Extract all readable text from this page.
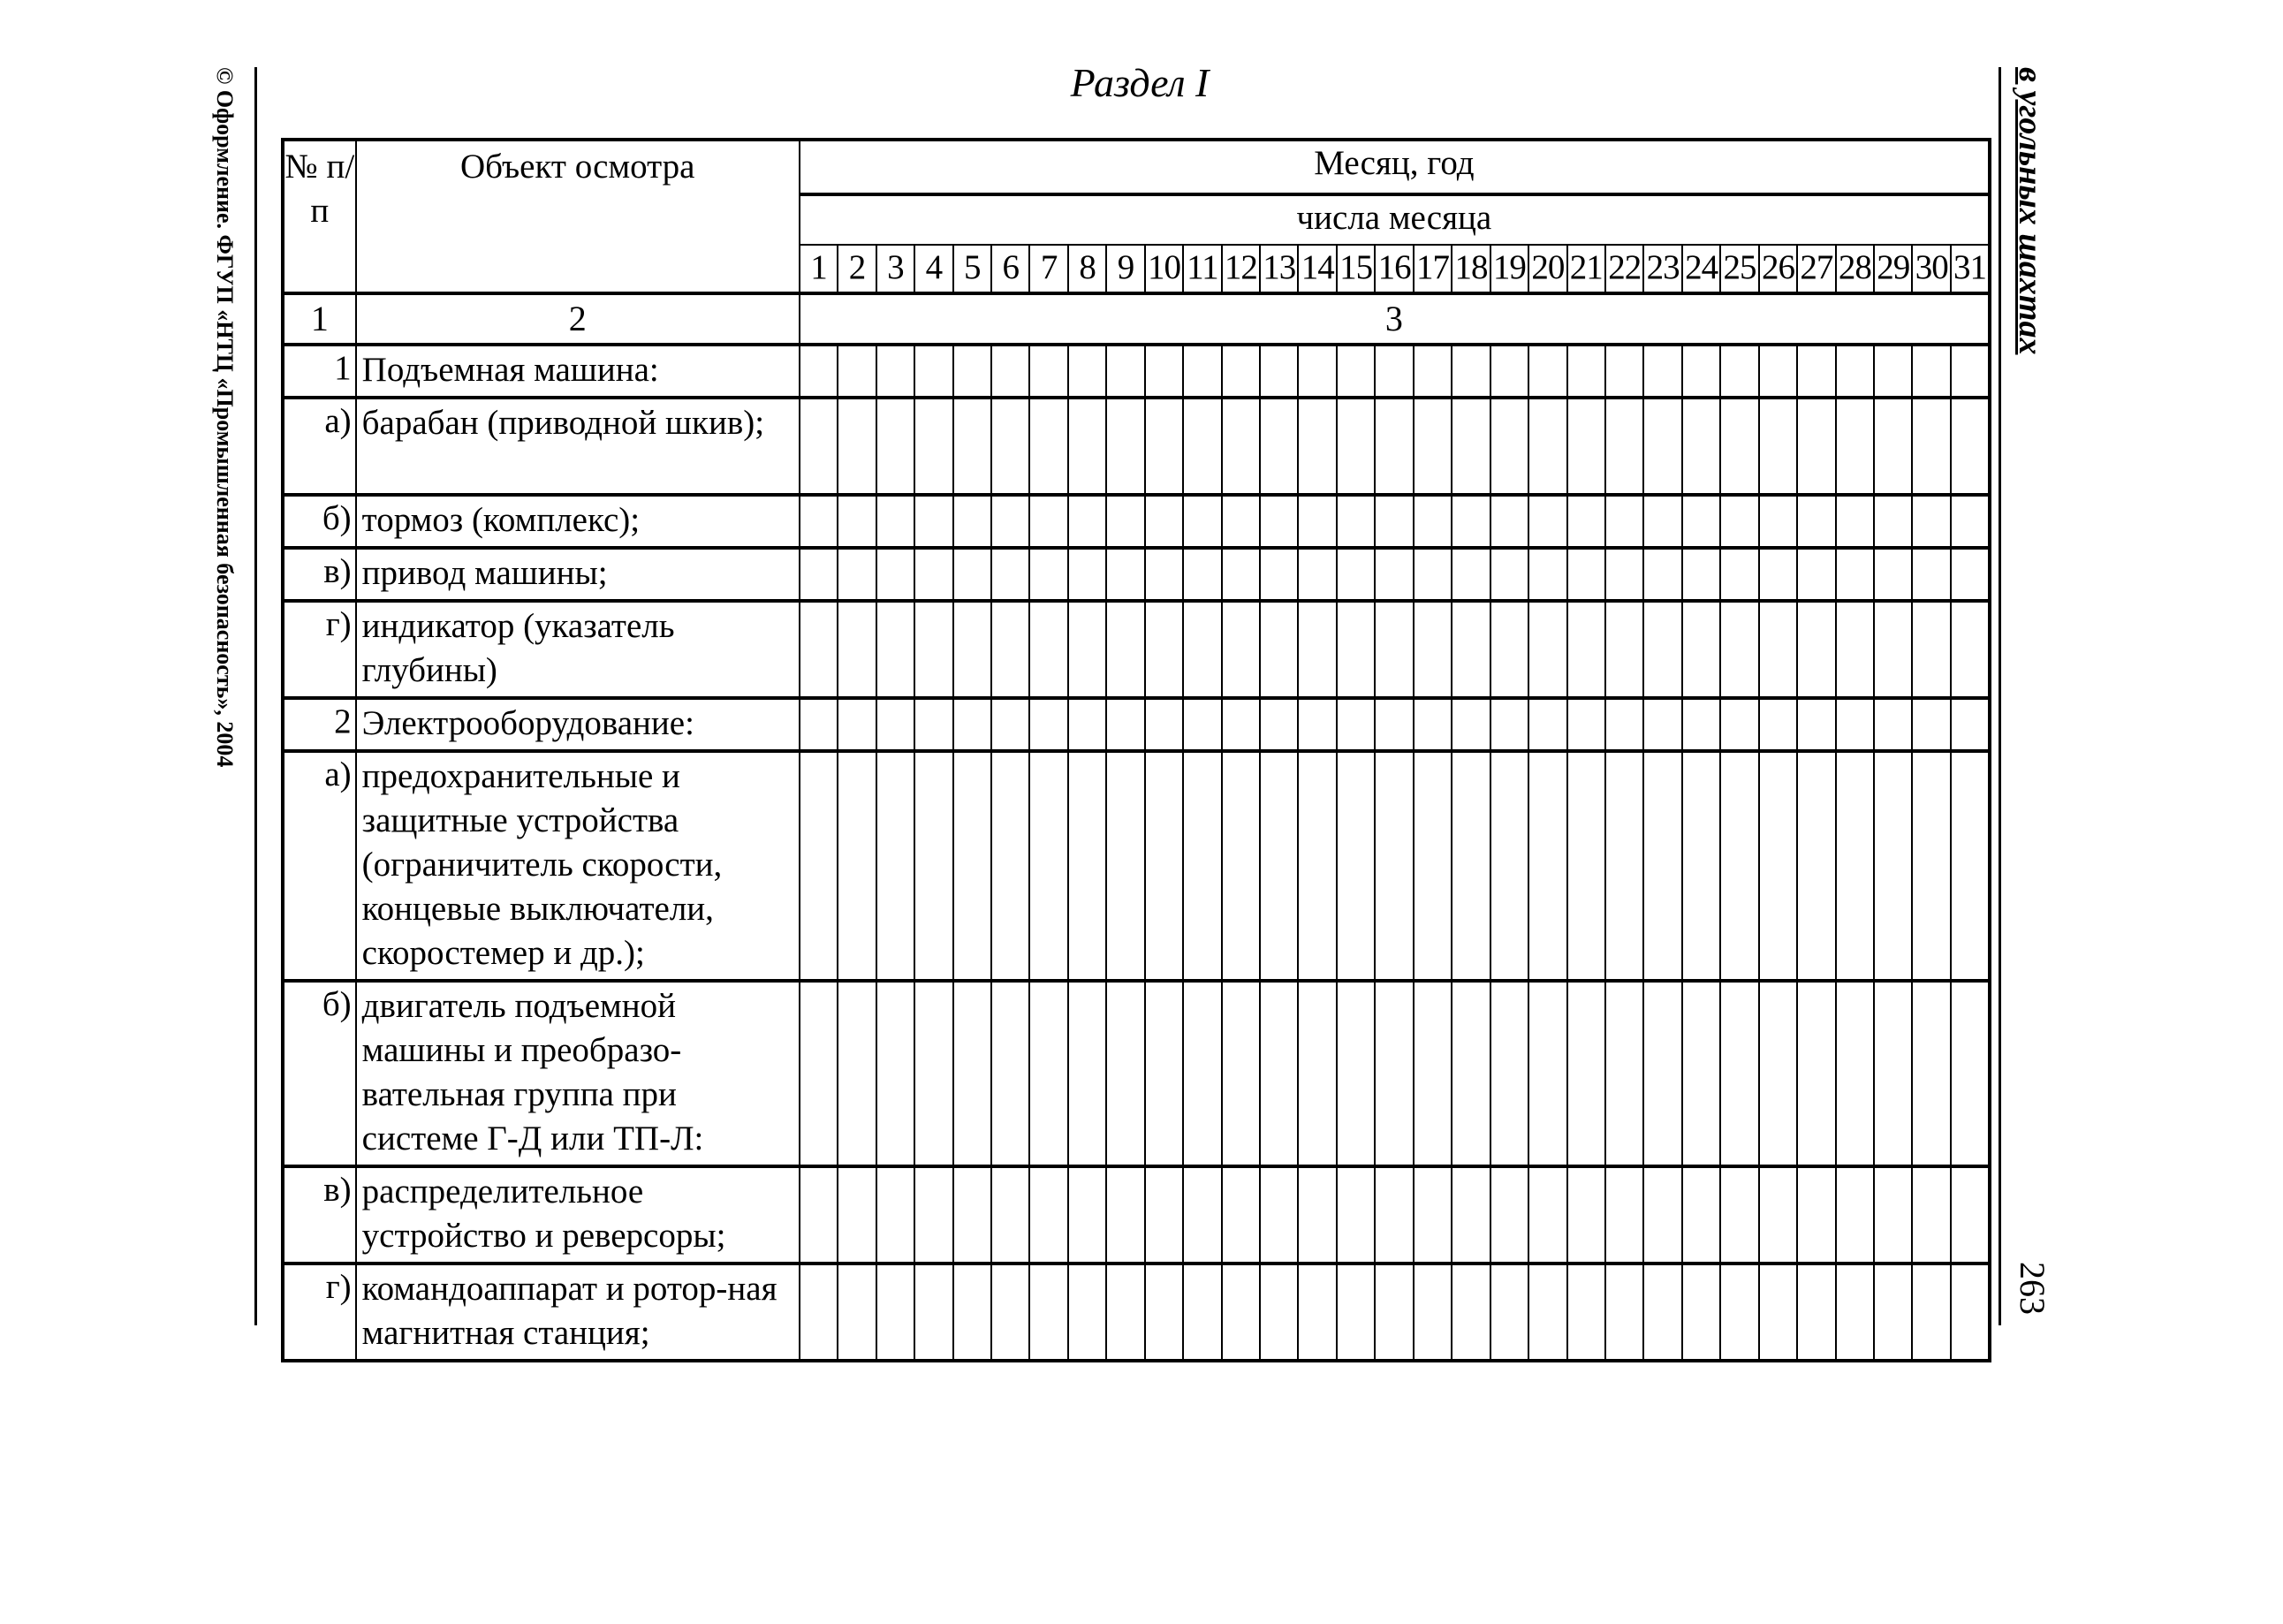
© Оформление. ФГУП «НТЦ «Промышленная безопасность», 2004	в угольных шахтах
263
Раздел I
№ п/п	Объект осмотра	Месяц, год																														
		числа месяца																														
		1	2	3	4	5	6	7	8	9	10	11	12	13	14	15	16	17	18	19	20	21	22	23	24	25	26	27	28	29	30	31
1	2	3																														
1	Подъемная машина:																															
а)	барабан (приводной шкив);																															
б)	тормоз (комплекс);																															
в)	привод машины;																															
г)	индикатор (указатель глубины)																															
2	Электрооборудование:																															
а)	предохранительные и защитные устройства (ограничитель скорости, концевые выключатели, скоростемер и др.);																															
б)	двигатель подъемной машины и преобразо-вательная группа при системе Г-Д или ТП-Л:																															
в)	распределительное устройство и реверсоры;																															
г)	командоаппарат и ротор-ная магнитная станция;																															
